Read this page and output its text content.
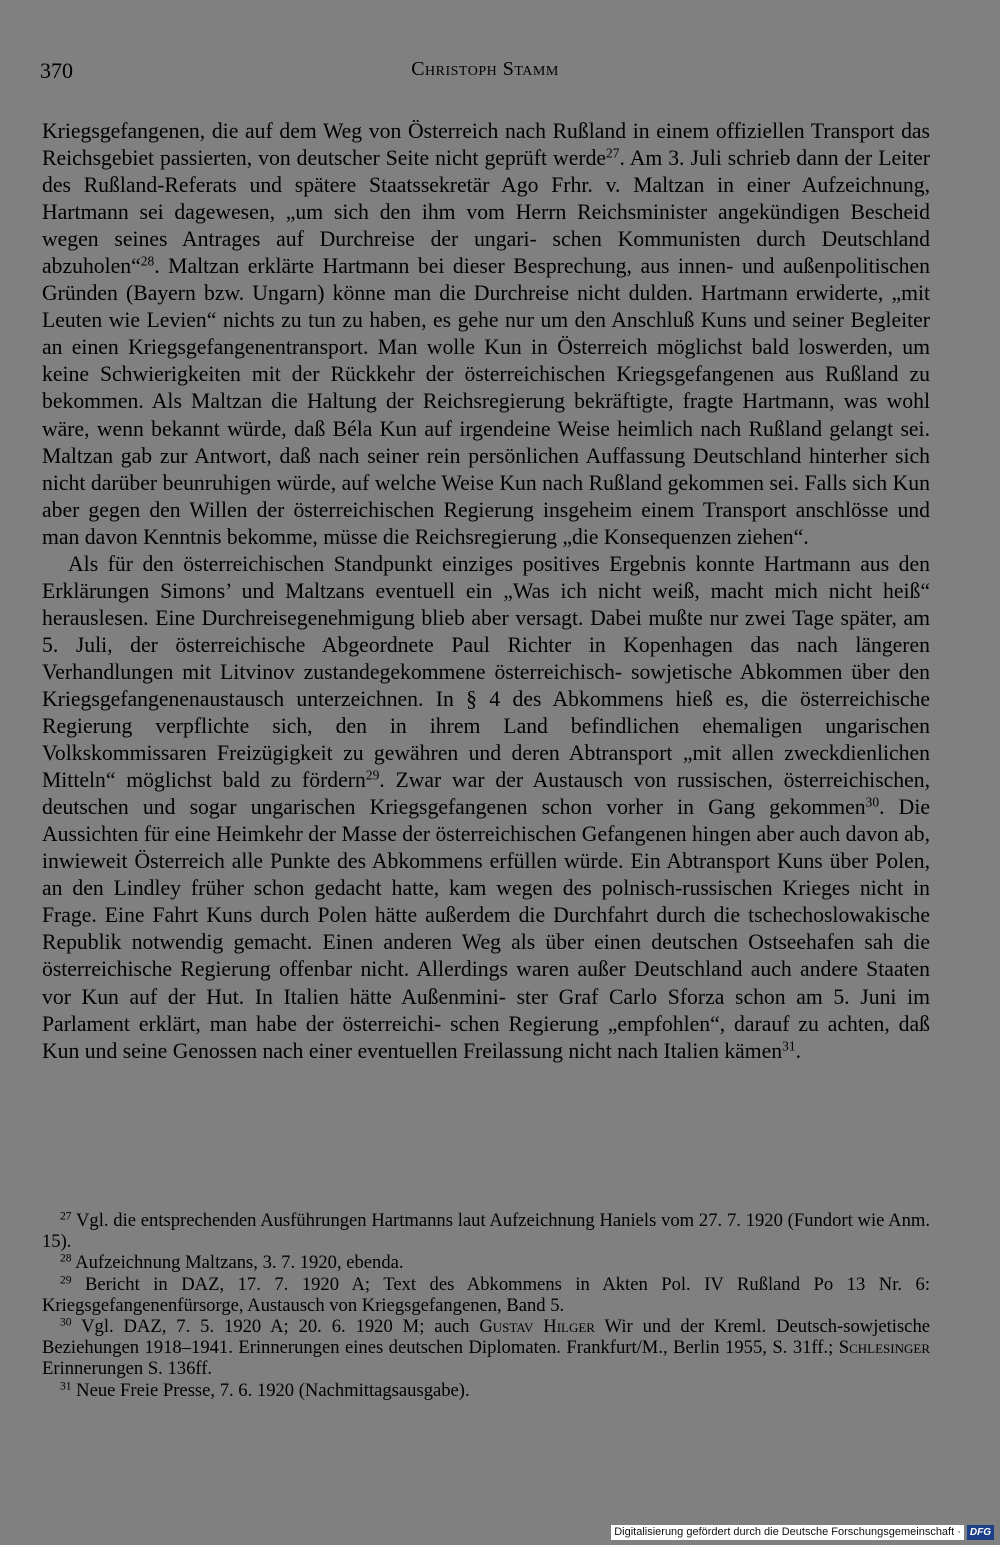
370	Christoph Stamm

Kriegsgefangenen, die auf dem Weg von Österreich nach Rußland in einem offiziellen Transport das Reichsgebiet passierten, von deutscher Seite nicht geprüft werde$^{27}$. Am 3. Juli schrieb dann der Leiter des Rußland-Referats und spätere Staatssekretär Ago Frhr. v. Maltzan in einer Aufzeichnung, Hartmann sei dagewesen, „um sich den ihm vom Herrn Reichsminister angekündigen Bescheid wegen seines Antrages auf Durchreise der ungari- schen Kommunisten durch Deutschland abzuholen“$^{28}$. Maltzan erklärte Hartmann bei dieser Besprechung, aus innen- und außenpolitischen Gründen (Bayern bzw. Ungarn) könne man die Durchreise nicht dulden. Hartmann erwiderte, „mit Leuten wie Levien“ nichts zu tun zu haben, es gehe nur um den Anschluß Kuns und seiner Begleiter an einen Kriegsgefangenentransport. Man wolle Kun in Österreich möglichst bald loswerden, um keine Schwierigkeiten mit der Rückkehr der österreichischen Kriegsgefangenen aus Rußland zu bekommen. Als Maltzan die Haltung der Reichsregierung bekräftigte, fragte Hartmann, was wohl wäre, wenn bekannt würde, daß Béla Kun auf irgendeine Weise heimlich nach Rußland gelangt sei. Maltzan gab zur Antwort, daß nach seiner rein persönlichen Auffassung Deutschland hinterher sich nicht darüber beunruhigen würde, auf welche Weise Kun nach Rußland gekommen sei. Falls sich Kun aber gegen den Willen der österreichischen Regierung insgeheim einem Transport anschlösse und man davon Kenntnis bekomme, müsse die Reichsregierung „die Konsequenzen ziehen“.

Als für den österreichischen Standpunkt einziges positives Ergebnis konnte Hartmann aus den Erklärungen Simons’ und Maltzans eventuell ein „Was ich nicht weiß, macht mich nicht heiß“ herauslesen. Eine Durchreisegenehmigung blieb aber versagt. Dabei mußte nur zwei Tage später, am 5. Juli, der österreichische Abgeordnete Paul Richter in Kopenhagen das nach längeren Verhandlungen mit Litvinov zustandegekommene österreichisch- sowjetische Abkommen über den Kriegsgefangenenaustausch unterzeichnen. In § 4 des Abkommens hieß es, die österreichische Regierung verpflichte sich, den in ihrem Land befindlichen ehemaligen ungarischen Volkskommissaren Freizügigkeit zu gewähren und deren Abtransport „mit allen zweckdienlichen Mitteln“ möglichst bald zu fördern$^{29}$. Zwar war der Austausch von russischen, österreichischen, deutschen und sogar ungarischen Kriegsgefangenen schon vorher in Gang gekommen$^{30}$. Die Aussichten für eine Heimkehr der Masse der österreichischen Gefangenen hingen aber auch davon ab, inwieweit Österreich alle Punkte des Abkommens erfüllen würde. Ein Abtransport Kuns über Polen, an den Lindley früher schon gedacht hatte, kam wegen des polnisch-russischen Krieges nicht in Frage. Eine Fahrt Kuns durch Polen hätte außerdem die Durchfahrt durch die tschechoslowakische Republik notwendig gemacht. Einen anderen Weg als über einen deutschen Ostseehafen sah die österreichische Regierung offenbar nicht. Allerdings waren außer Deutschland auch andere Staaten vor Kun auf der Hut. In Italien hätte Außenmini- ster Graf Carlo Sforza schon am 5. Juni im Parlament erklärt, man habe der österreichi- schen Regierung „empfohlen“, darauf zu achten, daß Kun und seine Genossen nach einer eventuellen Freilassung nicht nach Italien kämen$^{31}$.

$^{27}$ Vgl. die entsprechenden Ausführungen Hartmanns laut Aufzeichnung Haniels vom 27. 7. 1920 (Fundort wie Anm. 15).

$^{28}$ Aufzeichnung Maltzans, 3. 7. 1920, ebenda.

$^{29}$ Bericht in DAZ, 17. 7. 1920 A; Text des Abkommens in Akten Pol. IV Rußland Po 13 Nr. 6: Kriegsgefangenenfürsorge, Austausch von Kriegsgefangenen, Band 5.

$^{30}$ Vgl. DAZ, 7. 5. 1920 A; 20. 6. 1920 M; auch Gustav Hilger Wir und der Kreml. Deutsch-sowjetische Beziehungen 1918–1941. Erinnerungen eines deutschen Diplomaten. Frankfurt/M., Berlin 1955, S. 31ff.; Schlesinger Erinnerungen S. 136ff.

$^{31}$ Neue Freie Presse, 7. 6. 1920 (Nachmittagsausgabe).

Digitalisierung gefördert durch die Deutsche Forschungsgemeinschaft · DFG
